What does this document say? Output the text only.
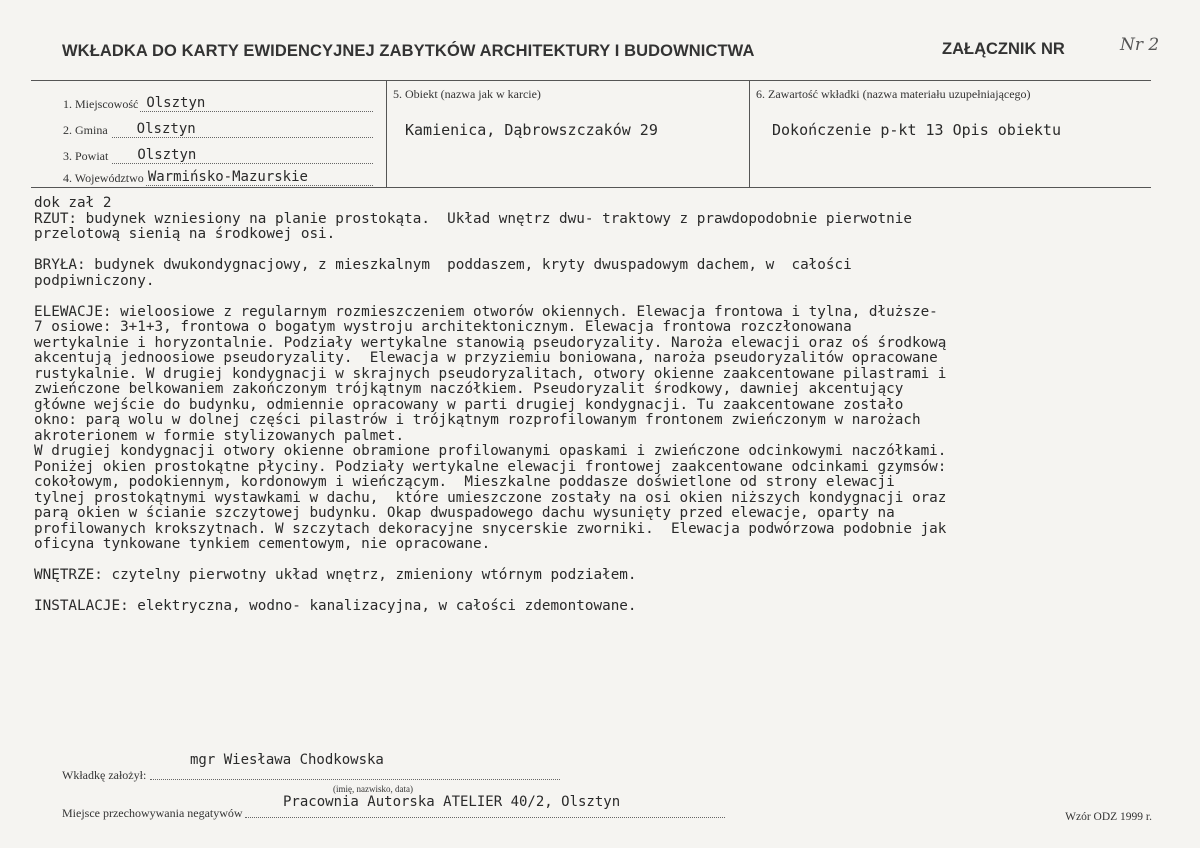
WKŁADKA DO KARTY EWIDENCYJNEJ ZABYTKÓW ARCHITEKTURY I BUDOWNICTWA	ZAŁĄCZNIK NR	Nr 2
1. Miejscowość Olsztyn
2. Gmina Olsztyn
3. Powiat Olsztyn
4. Województwo Warmińsko-Mazurskie
5. Obiekt (nazwa jak w karcie)
Kamienica, Dąbrowszczaków 29
6. Zawartość wkładki (nazwa materiału uzupełniającego)
Dokończenie p-kt 13 Opis obiektu
dok zał 2
RZUT: budynek wzniesiony na planie prostokąta.  Układ wnętrz dwu- traktowy z prawdopodobnie pierwotnie
przelotową sienią na środkowej osi.
BRYŁA: budynek dwukondygnacjowy, z mieszkalnym  poddaszem, kryty dwuspadowym dachem, w  całości
podpiwniczony.
ELEWACJE: wieloosiowe z regularnym rozmieszczeniem otworów okiennych. Elewacja frontowa i tylna, dłuższe-
7 osiowe: 3+1+3, frontowa o bogatym wystroju architektonicznym. Elewacja frontowa rozczłonowana
wertykalnie i horyzontalnie. Podziały wertykalne stanowią pseudoryzality. Naroża elewacji oraz oś środkową
akcentują jednoosiowe pseudoryzality.  Elewacja w przyziemiu boniowana, naroża pseudoryzalitów opracowane
rustykalnie. W drugiej kondygnacji w skrajnych pseudoryzalitach, otwory okienne zaakcentowane pilastrami i
zwieńczone belkowaniem zakończonym trójkątnym naczółkiem. Pseudoryzalit środkowy, dawniej akcentujący
główne wejście do budynku, odmiennie opracowany w parti drugiej kondygnacji. Tu zaakcentowane zostało
okno: parą wolu w dolnej części pilastrów i trójkątnym rozprofilowanym frontonem zwieńczonym w narożach
akroterionem w formie stylizowanych palmet.
W drugiej kondygnacji otwory okienne obramione profilowanymi opaskami i zwieńczone odcinkowymi naczółkami.
Poniżej okien prostokątne płyciny. Podziały wertykalne elewacji frontowej zaakcentowane odcinkami gzymsów:
cokołowym, podokiennym, kordonowym i wieńczącym.  Mieszkalne poddasze doświetlone od strony elewacji
tylnej prostokątnymi wystawkami w dachu,  które umieszczone zostały na osi okien niższych kondygnacji oraz
parą okien w ścianie szczytowej budynku. Okap dwuspadowego dachu wysunięty przed elewacje, oparty na
profilowanych krokszytnach. W szczytach dekoracyjne snycerskie zworniki.  Elewacja podwórzowa podobnie jak
oficyna tynkowane tynkiem cementowym, nie opracowane.
WNĘTRZE: czytelny pierwotny układ wnętrz, zmieniony wtórnym podziałem.
INSTALACJE: elektryczna, wodno- kanalizacyjna, w całości zdemontowane.
Wkładkę założył:
mgr Wiesława Chodkowska
(imię, nazwisko, data)
Miejsce przechowywania negatywów
Pracownia Autorska ATELIER 40/2, Olsztyn
Wzór ODZ 1999 r.
